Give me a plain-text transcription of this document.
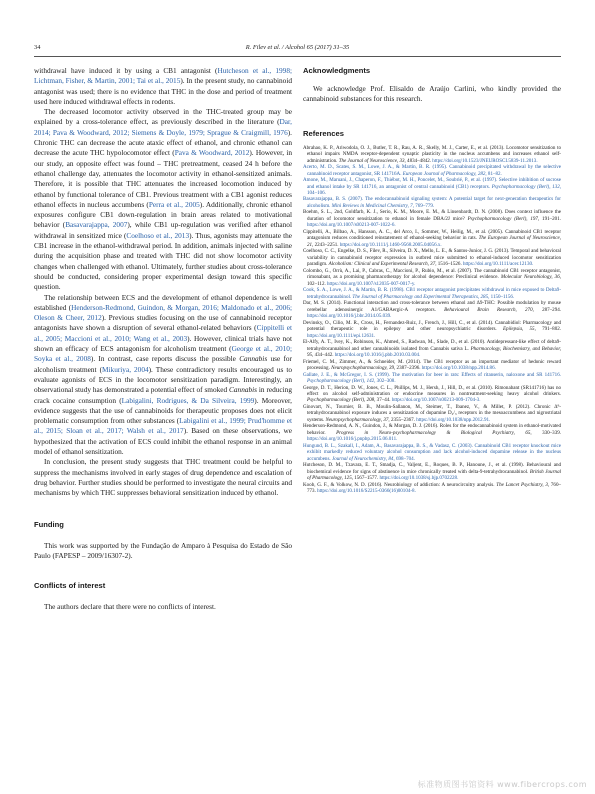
34	R. Filev et al. / Alcohol 65 (2017) 31–35

withdrawal have induced it by using a CB1 antagonist (Hutcheson et al., 1998; Lichtman, Fisher, & Martin, 2001; Tai et al., 2015). In the present study, no cannabinoid antagonist was used; there is no evidence that THC in the dose and period of treatment used here induced withdrawal effects in rodents.

The decreased locomotor activity observed in the THC-treated group may be explained by a cross-tolerance effect, as previously described in the literature (Dar, 2014; Pava & Woodward, 2012; Siemens & Doyle, 1979; Sprague & Craigmill, 1976). Chronic THC can decrease the acute ataxic effect of ethanol, and chronic ethanol can decrease the acute THC hypolocomotor effect (Pava & Woodward, 2012). However, in our study, an opposite effect was found – THC pretreatment, ceased 24 h before the ethanol challenge day, attenuates the locomotor activity in ethanol-sensitized animals. Therefore, it is possible that THC attenuates the increased locomotion induced by ethanol by functional tolerance of CB1. Previous treatment with a CB1 agonist reduces ethanol effects in nucleus accumbens (Perra et al., 2005). Additionally, chronic ethanol exposures configure CB1 down-regulation in brain areas related to motivational behavior (Basavarajappa, 2007), while CB1 up-regulation was verified after ethanol withdrawal in sensitized mice (Coelhoso et al., 2013). Thus, agonists may attenuate the CB1 increase in the ethanol-withdrawal period. In addition, animals injected with saline during the acquisition phase and treated with THC did not show locomotor activity changes when challenged with ethanol. Ultimately, further studies about cross-tolerance should be conducted, considering proper experimental design toward this specific question.

The relationship between ECS and the development of ethanol dependence is well established (Henderson-Redmond, Guindon, & Morgan, 2016; Maldonado et al., 2006; Oleson & Cheer, 2012). Previous studies focusing on the use of cannabinoid receptor antagonists have shown a disruption of several ethanol-related behaviors (Cippitelli et al., 2005; Maccioni et al., 2010; Wang et al., 2003). However, clinical trials have not shown an efficacy of ECS antagonism for alcoholism treatment (George et al., 2010; Soyka et al., 2008). In contrast, case reports discuss the possible Cannabis use for alcoholism treatment (Mikuriya, 2004). These contradictory results encouraged us to evaluate agonists of ECS in the locomotor sensitization paradigm. Interestingly, an observational study has demonstrated a potential effect of smoked Cannabis in reducing crack cocaine consumption (Labigalini, Rodrigues, & Da Silveira, 1999). Moreover, evidence suggests that the use of cannabinoids for therapeutic proposes does not elicit problematic consumption from other substances (Labigalini et al., 1999; Prud'homme et al., 2015; Sloan et al., 2017; Walsh et al., 2017). Based on these observations, we hypothesized that the activation of ECS could inhibit the ethanol response in an animal model of ethanol sensitization.

In conclusion, the present study suggests that THC treatment could be helpful to suppress the mechanisms involved in early stages of drug dependence and escalation of drug behavior. Further studies should be performed to investigate the neural circuits and mechanisms by which THC suppresses behavioral sensitization induced by ethanol.

Funding

This work was supported by the Fundação de Amparo à Pesquisa do Estado de São Paulo (FAPESP – 2009/16307-2).

Conflicts of interest

The authors declare that there were no conflicts of interest.

Acknowledgments

We acknowledge Prof. Elisaldo de Araújo Carlini, who kindly provided the cannabinoid substances for this research.

References

Abrahao, K. P., Ariwodola, O. J., Butler, T. R., Rau, A. R., Skelly, M. J., Carter, E., et al. (2013). Locomotor sensitization to ethanol impairs NMDA receptor-dependent synaptic plasticity in the nucleus accumbens and increases ethanol self-administration. The Journal of Neuroscience, 33, 4834–4842. https://doi.org/10.1523/JNEUROSCI.5839-11.2013.

Acerto, M. D., Scates, S. M., Lowe, J. A., & Martin, B. R. (1995). Cannabinoid precipitated withdrawal by the selective cannabinoid receptor antagonist, SR 141716A. European Journal of Pharmacology, 282, 81–82.

Amone, M., Maruani, J., Chaperon, F., Thiébot, M. H., Poncelet, M., Soubrié, P., et al. (1997). Selective inhibition of sucrose and ethanol intake by SR 141716, an antagonist of central cannabinoid (CB1) receptors. Psychopharmacology (Berl), 132, 104–106.

Basavarajappa, B. S. (2007). The endocannabinoid signaling system: A potential target for next-generation therapeutics for alcoholism. Mini Reviews in Medicinal Chemistry, 7, 769–779.

Boehm, S. L., 2nd, Goldfarb, K. J., Serio, K. M., Moore, E. M., & Linsenbardt, D. N. (2008). Does context influence the duration of locomotor sensitization to ethanol in female DBA/2J mice? Psychopharmacology (Berl), 197, 191–201. https://doi.org/10.1007/s00213-007-1022-6.

Cippitelli, A., Bilbao, A., Hansson, A. C., del Arco, I., Sommer, W., Heilig, M., et al. (2005). Cannabinoid CB1 receptor antagonism reduces conditioned reinstatement of ethanol-seeking behavior in rats. The European Journal of Neuroscience, 21, 2243–2251. https://doi.org/10.1111/j.1460-9568.2005.04056.x.

Coelhoso, C. C., Engelke, D. S., Filev, R., Silveira, D. X., Mello, L. E., & Santos-Junior, J. G. (2013). Temporal and behavioral variability in cannabinoid receptor expression in outbred mice submitted to ethanol-induced locomotor sensitization paradigm. Alcoholism: Clinical and Experimental Research, 37, 1516–1526. https://doi.org/10.1111/acer.12130.

Colombo, G., Orrù, A., Lai, P., Cabras, C., Maccioni, P., Rubio, M., et al. (2007). The cannabinoid CB1 receptor antagonist, rimonabant, as a promising pharmacotherapy for alcohol dependence: Preclinical evidence. Molecular Neurobiology, 36, 102–112. https://doi.org/10.1007/s12035-007-0017-y.

Cook, S. A., Lowe, J. A., & Martin, B. R. (1998). CB1 receptor antagonist precipitates withdrawal in mice exposed to Delta9-tetrahydrocannabinol. The Journal of Pharmacology and Experimental Therapeutics, 285, 1150–1156.

Dar, M. S. (2014). Functional interaction and cross-tolerance between ethanol and Δ9-THC: Possible modulation by mouse cerebellar adenosinergic A1/GABAergic-A receptors. Behavioural Brain Research, 270, 287–294. https://doi.org/10.1016/j.bbr.2014.05.039.

Devinsky, O., Cilio, M. R., Cross, H., Fernandez-Ruiz, J., French, J., Hill, C., et al. (2014). Cannabidiol: Pharmacology and potential therapeutic role in epilepsy and other neuropsychiatric disorders. Epilepsia, 55, 791–802. https://doi.org/10.1111/epi.12631.

El-Alfy, A. T., Ivey, K., Robinson, K., Ahmed, S., Radwan, M., Slade, D., et al. (2010). Antidepressant-like effect of delta9-tetrahydrocannabinol and other cannabinoids isolated from Cannabis sativa L. Pharmacology, Biochemistry, and Behavior, 95, 434–442. https://doi.org/10.1016/j.pbb.2010.03.004.

Friemel, C. M., Zimmer, A., & Schneider, M. (2014). The CB1 receptor as an important mediator of hedonic reward processing. Neuropsychopharmacology, 39, 2387–2396. https://doi.org/10.1038/npp.2014.86.

Gallate, J. E., & McGregor, I. S. (1999). The motivation for beer in rats: Effects of ritanserin, naloxone and SR 141716. Psychopharmacology (Berl), 142, 302–308.

George, D. T., Herion, D. W., Jones, C. L., Phillips, M. J., Hersh, J., Hill, D., et al. (2010). Rimonabant (SR141716) has no effect on alcohol self-administration or endocrine measures in nontreatment-seeking heavy alcohol drinkers. Psychopharmacology (Berl), 208, 37–44. https://doi.org/10.1007/s00213-009-1704-3.

Ginovart, N., Tournier, B. B., Moulin-Sallanon, M., Steimer, T., Ibanez, V., & Millet, P. (2012). Chronic Δ⁹-tetrahydrocannabinol exposure induces a sensitization of dopamine D₂/₃ receptors in the mesoaccumbens and nigrostriatal systems. Neuropsychopharmacology, 37, 2355–2367. https://doi.org/10.1038/npp.2012.91.

Henderson-Redmond, A. N., Guindon, J., & Morgan, D. J. (2016). Roles for the endocannabinoid system in ethanol-motivated behavior. Progress in Neuro-psychopharmacology & Biological Psychiatry, 65, 330–339. https://doi.org/10.1016/j.pnpbp.2015.06.011.

Hungund, B. L., Szakall, I., Adam, A., Basavarajappa, B. S., & Vadasz, C. (2003). Cannabinoid CB1 receptor knockout mice exhibit markedly reduced voluntary alcohol consumption and lack alcohol-induced dopamine release in the nucleus accumbens. Journal of Neurochemistry, 84, 698–704.

Hutcheson, D. M., Tzavara, E. T., Smadja, C., Valjent, E., Roques, B. P., Hanoune, J., et al. (1998). Behavioural and biochemical evidence for signs of abstinence in mice chronically treated with delta-9-tetrahydrocannabinol. British Journal of Pharmacology, 125, 1567–1577. https://doi.org/10.1038/sj.bjp.0702228.

Koob, G. F., & Volkow, N. D. (2016). Neurobiology of addiction: A neurocircuitry analysis. The Lancet Psychiatry, 3, 760–773. https://doi.org/10.1016/S2215-0366(16)00104-8.

标准物质图书馆资料 www.fibercrops.com
